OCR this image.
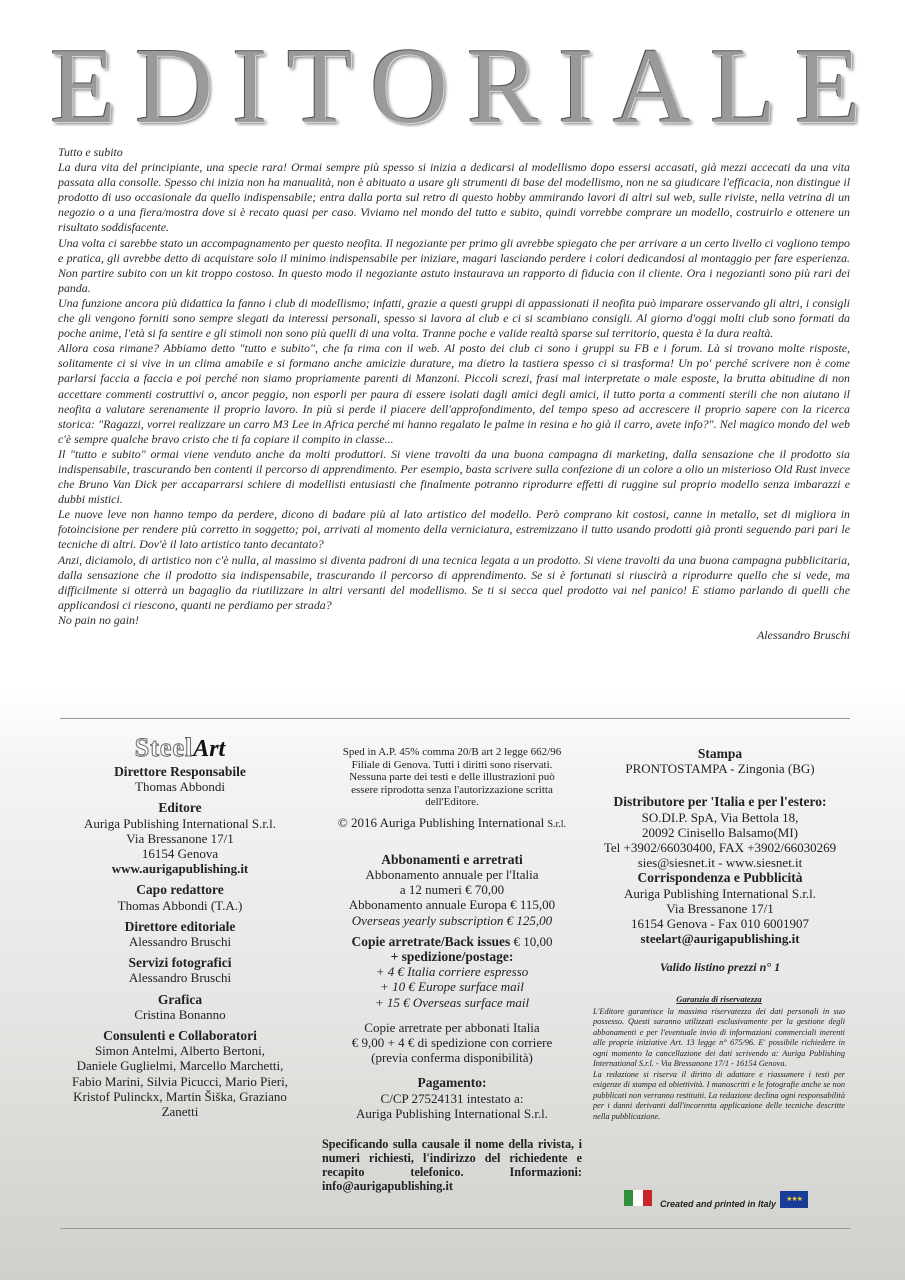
EDITORIALE

Tutto e subito

La dura vita del principiante, una specie rara! Ormai sempre più spesso si inizia a dedicarsi al modellismo dopo essersi accasati, già mezzi accecati da una vita passata alla consolle. Spesso chi inizia non ha manualità, non è abituato a usare gli strumenti di base del modellismo, non ne sa giudicare l'efficacia, non distingue il prodotto di uso occasionale da quello indispensabile; entra dalla porta sul retro di questo hobby ammirando lavori di altri sul web, sulle riviste, nella vetrina di un negozio o a una fiera/mostra dove si è recato quasi per caso. Viviamo nel mondo del tutto e subito, quindi vorrebbe comprare un modello, costruirlo e ottenere un risultato soddisfacente.

Una volta ci sarebbe stato un accompagnamento per questo neofita. Il negoziante per primo gli avrebbe spiegato che per arrivare a un certo livello ci vogliono tempo e pratica, gli avrebbe detto di acquistare solo il minimo indispensabile per iniziare, magari lasciando perdere i colori dedicandosi al montaggio per fare esperienza. Non partire subito con un kit troppo costoso. In questo modo il negoziante astuto instaurava un rapporto di fiducia con il cliente. Ora i negozianti sono più rari dei panda.

Una funzione ancora più didattica la fanno i club di modellismo; infatti, grazie a questi gruppi di appassionati il neofita può imparare osservando gli altri, i consigli che gli vengono forniti sono sempre slegati da interessi personali, spesso si lavora al club e ci si scambiano consigli. Al giorno d'oggi molti club sono formati da poche anime, l'età si fa sentire e gli stimoli non sono più quelli di una volta. Tranne poche e valide realtà sparse sul territorio, questa è la dura realtà.

Allora cosa rimane? Abbiamo detto "tutto e subito", che fa rima con il web. Al posto dei club ci sono i gruppi su FB e i forum. Là si trovano molte risposte, solitamente ci si vive in un clima amabile e si formano anche amicizie durature, ma dietro la tastiera spesso ci si trasforma! Un po' perché scrivere non è come parlarsi faccia a faccia e poi perché non siamo propriamente parenti di Manzoni. Piccoli screzi, frasi mal interpretate o male esposte, la brutta abitudine di non accettare commenti costruttivi o, ancor peggio, non esporli per paura di essere isolati dagli amici degli amici, il tutto porta a commenti sterili che non aiutano il neofita a valutare serenamente il proprio lavoro. In più si perde il piacere dell'approfondimento, del tempo speso ad accrescere il proprio sapere con la ricerca storica: "Ragazzi, vorrei realizzare un carro M3 Lee in Africa perché mi hanno regalato le palme in resina e ho già il carro, avete info?". Nel magico mondo del web c'è sempre qualche bravo cristo che ti fa copiare il compito in classe...

Il "tutto e subito" ormai viene venduto anche da molti produttori. Si viene travolti da una buona campagna di marketing, dalla sensazione che il prodotto sia indispensabile, trascurando ben contenti il percorso di apprendimento. Per esempio, basta scrivere sulla confezione di un colore a olio un misterioso Old Rust invece che Bruno Van Dick per accaparrarsi schiere di modellisti entusiasti che finalmente potranno riprodurre effetti di ruggine sul proprio modello senza imbarazzi e dubbi mistici.

Le nuove leve non hanno tempo da perdere, dicono di badare più al lato artistico del modello. Però comprano kit costosi, canne in metallo, set di migliora in fotoincisione per rendere più corretto in soggetto; poi, arrivati al momento della verniciatura, estremizzano il tutto usando prodotti già pronti seguendo pari pari le tecniche di altri. Dov'è il lato artistico tanto decantato?

Anzi, diciamolo, di artistico non c'è nulla, al massimo si diventa padroni di una tecnica legata a un prodotto. Si viene travolti da una buona campagna pubblicitaria, dalla sensazione che il prodotto sia indispensabile, trascurando il percorso di apprendimento. Se si è fortunati si riuscirà a riprodurre quello che si vede, ma difficilmente si otterrà un bagaglio da riutilizzare in altri versanti del modellismo. Se ti si secca quel prodotto vai nel panico! E stiamo parlando di quelli che applicandosi ci riescono, quanti ne perdiamo per strada?

No pain no gain!

Alessandro Bruschi

SteelArt
Direttore Responsabile
Thomas Abbondi
Editore
Auriga Publishing International S.r.l.
Via Bressanone 17/1
16154 Genova
www.aurigapublishing.it
Capo redattore
Thomas Abbondi (T.A.)
Direttore editoriale
Alessandro Bruschi
Servizi fotografici
Alessandro Bruschi
Grafica
Cristina Bonanno
Consulenti e Collaboratori
Simon Antelmi, Alberto Bertoni,
Daniele Guglielmi, Marcello Marchetti,
Fabio Marini, Silvia Picucci, Mario Pieri,
Kristof Pulinckx, Martin Šiška, Graziano Zanetti
Sped in A.P. 45% comma 20/B art 2 legge 662/96
Filiale di Genova. Tutti i diritti sono riservati.
Nessuna parte dei testi e delle illustrazioni può
essere riprodotta senza l'autorizzazione scritta
dell'Editore.
© 2016 Auriga Publishing International S.r.l.
Abbonamenti e arretrati
Abbonamento annuale per l'Italia
a 12 numeri € 70,00
Abbonamento annuale Europa € 115,00
Overseas yearly subscription € 125,00
Copie arretrate/Back issues € 10,00
+ spedizione/postage:
+ 4 € Italia corriere espresso
+ 10 € Europe surface mail
+ 15 € Overseas surface mail
Copie arretrate per abbonati Italia
€ 9,00 + 4 € di spedizione con corriere
(previa conferma disponibilità)
Pagamento:
C/CP 27524131 intestato a:
Auriga Publishing International S.r.l.
Specificando sulla causale il nome della rivista, i numeri richiesti, l'indirizzo del richiedente e recapito telefonico. Informazioni: info@aurigapublishing.it
Stampa
PRONTOSTAMPA - Zingonia (BG)
Distributore per 'Italia e per l'estero:
SO.DI.P. SpA, Via Bettola 18,
20092 Cinisello Balsamo(MI)
Tel +3902/66030400, FAX +3902/66030269
sies@siesnet.it - www.siesnet.it
Corrispondenza e Pubblicità
Auriga Publishing International S.r.l.
Via Bressanone 17/1
16154 Genova - Fax 010 6001907
steelart@aurigapublishing.it
Valido listino prezzi n° 1
Garanzia di riservatezza
L'Editore garantisce la massima riservatezza dei dati personali in suo possesso. Questi saranno utilizzati esclusivamente per la gestione degli abbonamenti e per l'eventuale invio di informazioni commerciali inerenti alle proprie iniziative Art. 13 legge n° 675/96. E' possibile richiedere in ogni momento la cancellazione dei dati scrivendo a: Auriga Publishing International S.r.l. - Via Bressanone 17/1 - 16154 Genova.
La redazione si riserva il diritto di adattare e riassumere i testi per esigenze di stampa ed obiettività. I manoscritti e le fotografie anche se non pubblicati non verranno restituiti. La redazione declina ogni responsabilità per i danni derivanti dall'incorretta applicazione delle tecniche descritte nella pubblicazione.
Created and printed in Italy	★★★
